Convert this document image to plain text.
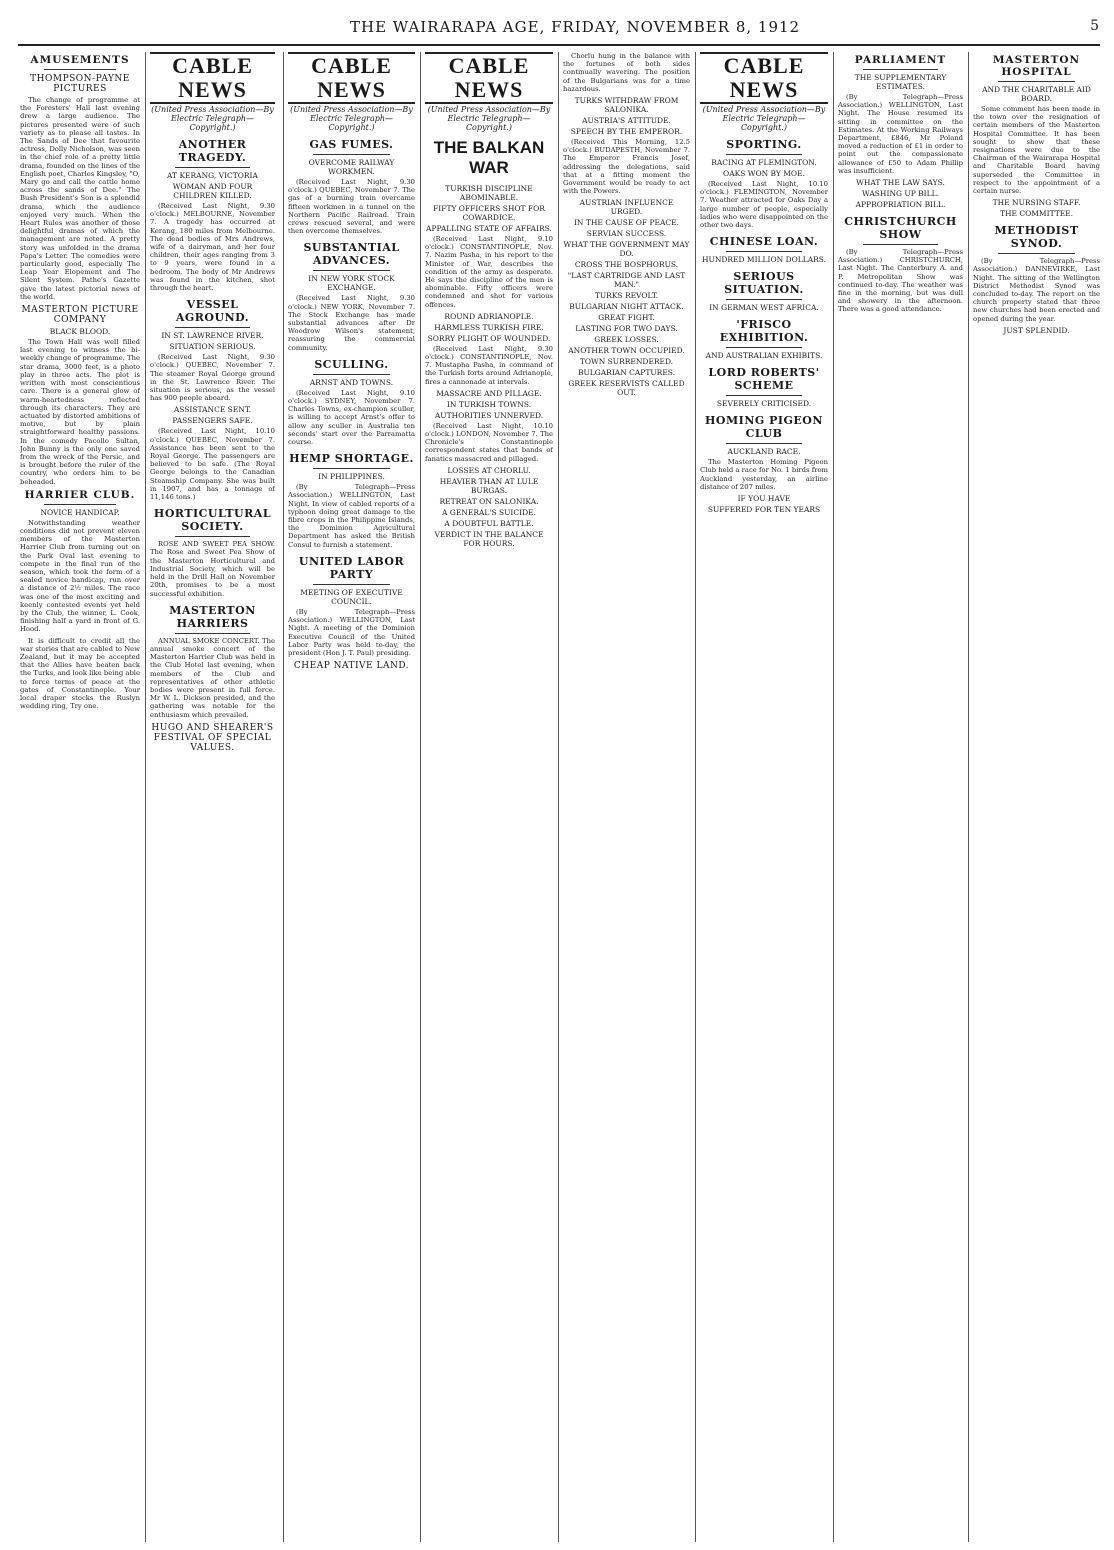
THE WAIRARAPA AGE, FRIDAY, NOVEMBER 8, 1912	5
AMUSEMENTS
THOMPSON-PAYNE PICTURES

The change of programme at the Foresters' Hall last evening drew a large audience. The pictures presented were of such variety as to please all tastes. In The Sands of Dee that favourite actress, Dolly Nicholson, was seen in the chief role of a pretty little drama, founded on the lines of the English poet, Charles Kingsley, "O, Mary go and call the cattle home across the sands of Dee." The Bush President's Son is a splendid drama, which the audience enjoyed very much. When the Heart Rules was another of those delightful dramas of which the management are noted. A pretty story was unfolded in the drama Papa's Letter. The comedies were particularly good, especially The Leap Year Elopement and The Silent System. Pathe's Gazette gave the latest pictorial news of the world.

MASTERTON PICTURE COMPANY
BLACK BLOOD.

The Town Hall was well filled last evening to witness the bi-weekly change of programme. The star drama, 3000 feet, is a photo play in three acts. The plot is written with most conscientious care. There is a general glow of warm-heartedness reflected through its characters. They are actuated by distorted ambitions of motive, but by plain straightforward healthy passions. In the comedy Pacollo Sultan, John Bunny is the only one saved from the wreck of the Persic, and is brought before the ruler of the country, who orders him to be beheaded.

HARRIER CLUB.
NOVICE HANDICAP.

Notwithstanding weather conditions did not prevent eleven members of the Masterton Harrier Club from turning out on the Park Oval last evening to compete in the final run of the season, which took the form of a sealed novice handicap, run over a distance of 2½ miles. The race was one of the most exciting and keenly contested events yet held by the Club, the winner, L. Cook, finishing half a yard in front of G. Hood.

It is difficult to credit all the war stories that are cabled to New Zealand, but it may be accepted that the Allies have beaten back the Turks, and look like being able to force terms of peace at the gates of Constantinople. Your local draper stocks the Ruslyn wedding ring, Try one.

CABLE NEWS
(United Press Association—By Electric Telegraph—Copyright.)
ANOTHER TRAGEDY.
AT KERANG, VICTORIA
WOMAN AND FOUR CHILDREN KILLED.

(Received Last Night, 9.30 o'clock.) MELBOURNE, November 7. A tragedy has occurred at Kerang, 180 miles from Melbourne. The dead bodies of Mrs Andrews, wife of a dairyman, and her four children, their ages ranging from 3 to 9 years, were found in a bedroom. The body of Mr Andrews was found in the kitchen, shot through the heart.

VESSEL AGROUND.
IN ST. LAWRENCE RIVER.
SITUATION SERIOUS.

(Received Last Night, 9.30 o'clock.) QUEBEC, November 7. The steamer Royal George ground in the St. Lawrence River. The situation is serious, as the vessel has 900 people aboard.

ASSISTANCE SENT.
PASSENGERS SAFE.

(Received Last Night, 10.10 o'clock.) QUEBEC, November 7. Assistance has been sent to the Royal George. The passengers are believed to be safe. (The Royal George belongs to the Canadian Steamship Company. She was built in 1907, and has a tonnage of 11,146 tons.)

HORTICULTURAL SOCIETY.

ROSE AND SWEET PEA SHOW. The Rose and Sweet Pea Show of the Masterton Horticultural and Industrial Society, which will be held in the Drill Hall on November 20th, promises to be a most successful exhibition.

MASTERTON HARRIERS

ANNUAL SMOKE CONCERT. The annual smoke concert of the Masterton Harrier Club was held in the Club Hotel last evening, when members of the Club and representatives of other athletic bodies were present in full force. Mr W. L. Dickson presided, and the gathering was notable for the enthusiasm which prevailed.

HUGO AND SHEARER'S FESTIVAL OF SPECIAL VALUES.
CABLE NEWS
(United Press Association—By Electric Telegraph—Copyright.)
GAS FUMES.
OVERCOME RAILWAY WORKMEN.

(Received Last Night, 9.30 o'clock.) QUEBEC, November 7. The gas of a burning train overcame fifteen workmen in a tunnel on the Northern Pacific Railroad. Train crews rescued several, and were then overcome themselves.

SUBSTANTIAL ADVANCES.
IN NEW YORK STOCK EXCHANGE.

(Received Last Night, 9.30 o'clock.) NEW YORK, November 7. The Stock Exchange has made substantial advances after Dr Woodrow Wilson's statement, reassuring the commercial community.

SCULLING.
ARNST AND TOWNS.

(Received Last Night, 9.10 o'clock.) SYDNEY, November 7. Charles Towns, ex-champion sculler, is willing to accept Arnst's offer to allow any sculler in Australia ten seconds' start over the Parramatta course.

HEMP SHORTAGE.
IN PHILIPPINES.

(By Telegraph—Press Association.) WELLINGTON, Last Night. In view of cabled reports of a typhoon doing great damage to the fibre crops in the Philippine Islands, the Dominion Agricultural Department has asked the British Consul to furnish a statement.

UNITED LABOR PARTY
MEETING OF EXECUTIVE COUNCIL.

(By Telegraph—Press Association.) WELLINGTON, Last Night. A meeting of the Dominion Executive Council of the United Labor Party was held to-day, the president (Hon J. T. Paul) presiding.

CHEAP NATIVE LAND.
CABLE NEWS
(United Press Association—By Electric Telegraph—Copyright.)
THE BALKAN WAR
TURKISH DISCIPLINE ABOMINABLE.
FIFTY OFFICERS SHOT FOR COWARDICE.
APPALLING STATE OF AFFAIRS.

(Received Last Night, 9.10 o'clock.) CONSTANTINOPLE, Nov. 7. Nazim Pasha, in his report to the Minister of War, describes the condition of the army as desperate. He says the discipline of the men is abominable. Fifty officers were condemned and shot for various offences.

ROUND ADRIANOPLE.
HARMLESS TURKISH FIRE.
SORRY PLIGHT OF WOUNDED.

(Received Last Night, 9.30 o'clock.) CONSTANTINOPLE, Nov. 7. Mustapha Pasha, in command of the Turkish forts around Adrianople, fires a cannonade at intervals.

MASSACRE AND PILLAGE.
IN TURKISH TOWNS.
AUTHORITIES UNNERVED.

(Received Last Night, 10.10 o'clock.) LONDON, November 7. The Chronicle's Constantinople correspondent states that bands of fanatics massacred and pillaged.

LOSSES AT CHORLU.
HEAVIER THAN AT LULE BURGAS.
RETREAT ON SALONIKA.
A GENERAL'S SUICIDE.
A DOUBTFUL BATTLE.
VERDICT IN THE BALANCE FOR HOURS.

Chorlu hung in the balance with the fortunes of both sides continually wavering. The position of the Bulgarians was for a time hazardous.

TURKS WITHDRAW FROM SALONIKA.
AUSTRIA'S ATTITUDE.
SPEECH BY THE EMPEROR.

(Received This Morning, 12.5 o'clock.) BUDAPESTH, November 7. The Emperor Francis Josef, addressing the delegations, said that at a fitting moment the Government would be ready to act with the Powers.

AUSTRIAN INFLUENCE URGED.
IN THE CAUSE OF PEACE.
SERVIAN SUCCESS.
WHAT THE GOVERNMENT MAY DO.
CROSS THE BOSPHORUS.
"LAST CARTRIDGE AND LAST MAN."
TURKS REVOLT.
BULGARIAN NIGHT ATTACK.
GREAT FIGHT.
LASTING FOR TWO DAYS.
GREEK LOSSES.
ANOTHER TOWN OCCUPIED.
TOWN SURRENDERED.
BULGARIAN CAPTURES.
GREEK RESERVISTS CALLED OUT.
CABLE NEWS
(United Press Association—By Electric Telegraph—Copyright.)
SPORTING.
RACING AT FLEMINGTON.
OAKS WON BY MOE.

(Received Last Night, 10.10 o'clock.) FLEMINGTON, November 7. Weather attracted for Oaks Day a large number of people, especially ladies who were disappointed on the other two days.

CHINESE LOAN.
HUNDRED MILLION DOLLARS.
SERIOUS SITUATION.
IN GERMAN WEST AFRICA.
'FRISCO EXHIBITION.
AND AUSTRALIAN EXHIBITS.
LORD ROBERTS' SCHEME
SEVERELY CRITICISED.
HOMING PIGEON CLUB
AUCKLAND RACE.

The Masterton Homing Pigeon Club held a race for No. 1 birds from Auckland yesterday, an airline distance of 207 miles.

IF YOU HAVE
SUFFERED FOR TEN YEARS
PARLIAMENT
THE SUPPLEMENTARY ESTIMATES.

(By Telegraph—Press Association.) WELLINGTON, Last Night. The House resumed its sitting in committee on the Estimates. At the Working Railways Department, £846, Mr Poland moved a reduction of £1 in order to point out the compassionate allowance of £50 to Adam Phillip was insufficient.

WHAT THE LAW SAYS.
WASHING UP BILL.
APPROPRIATION BILL.
CHRISTCHURCH SHOW

(By Telegraph—Press Association.) CHRISTCHURCH, Last Night. The Canterbury A. and P. Metropolitan Show was continued to-day. The weather was fine in the morning, but was dull and showery in the afternoon. There was a good attendance.

MASTERTON HOSPITAL
AND THE CHARITABLE AID BOARD.

Some comment has been made in the town over the resignation of certain members of the Masterton Hospital Committee. It has been sought to show that these resignations were due to the Chairman of the Wairarapa Hospital and Charitable Board having superseded the Committee in respect to the appointment of a certain nurse.

THE NURSING STAFF.
THE COMMITTEE.
METHODIST SYNOD.

(By Telegraph—Press Association.) DANNEVIRKE, Last Night. The sitting of the Wellington District Methodist Synod was concluded to-day. The report on the church property stated that three new churches had been erected and opened during the year.

JUST SPLENDID.
